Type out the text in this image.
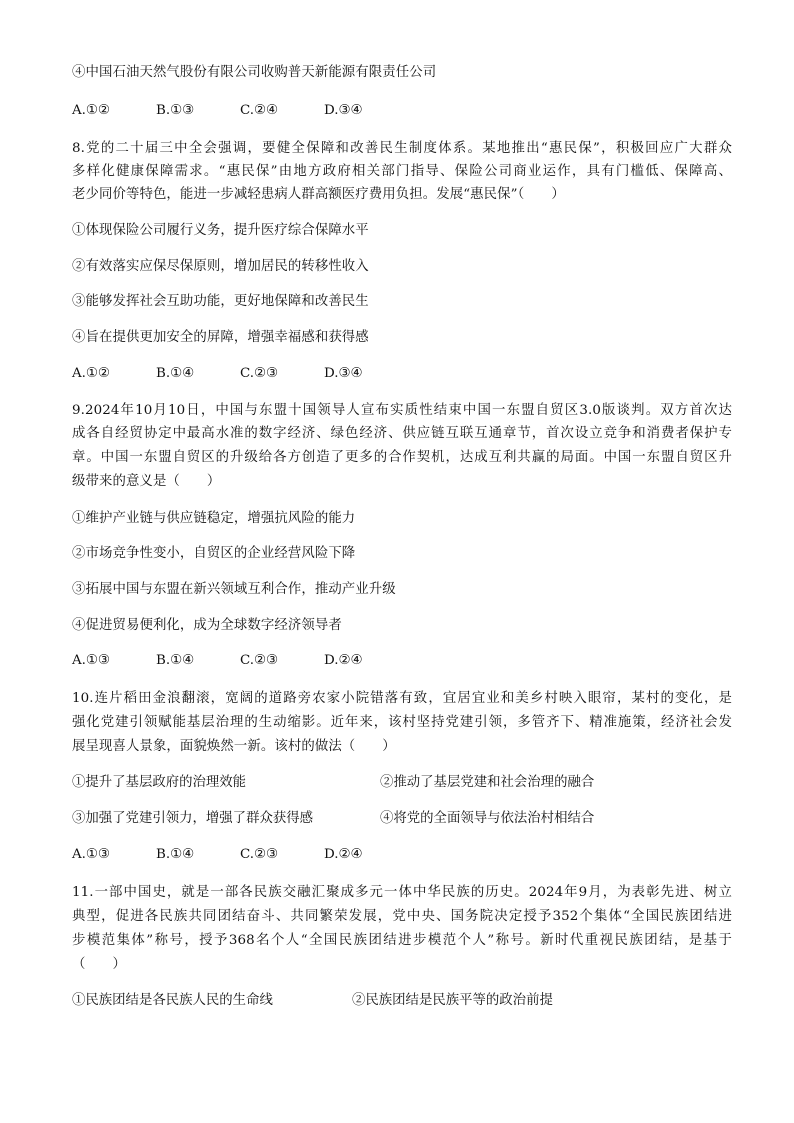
④中国石油天然气股份有限公司收购普天新能源有限责任公司
A.①②	B.①③	C.②④	D.③④
8.党的二十届三中全会强调，要健全保障和改善民生制度体系。某地推出“惠民保”，积极回应广大群众
多样化健康保障需求。“惠民保”由地方政府相关部门指导、保险公司商业运作，具有门槛低、保障高、
老少同价等特色，能进一步减轻患病人群高额医疗费用负担。发展“惠民保”（　　）
①体现保险公司履行义务，提升医疗综合保障水平
②有效落实应保尽保原则，增加居民的转移性收入
③能够发挥社会互助功能，更好地保障和改善民生
④旨在提供更加安全的屏障，增强幸福感和获得感
A.①②	B.①④	C.②③	D.③④
9.2024年10月10日，中国与东盟十国领导人宣布实质性结束中国一东盟自贸区3.0版谈判。双方首次达
成各自经贸协定中最高水准的数字经济、绿色经济、供应链互联互通章节，首次设立竞争和消费者保护专
章。中国一东盟自贸区的升级给各方创造了更多的合作契机，达成互利共赢的局面。中国一东盟自贸区升
级带来的意义是（　　）
①维护产业链与供应链稳定，增强抗风险的能力
②市场竞争性变小，自贸区的企业经营风险下降
③拓展中国与东盟在新兴领域互利合作，推动产业升级
④促进贸易便利化，成为全球数字经济领导者
A.①③	B.①④	C.②③	D.②④
10.连片稻田金浪翻滚，宽阔的道路旁农家小院错落有致，宜居宜业和美乡村映入眼帘，某村的变化，是
强化党建引领赋能基层治理的生动缩影。近年来，该村坚持党建引领，多管齐下、精准施策，经济社会发
展呈现喜人景象，面貌焕然一新。该村的做法（　　）
①提升了基层政府的治理效能	②推动了基层党建和社会治理的融合
③加强了党建引领力，增强了群众获得感	④将党的全面领导与依法治村相结合
A.①③	B.①④	C.②③	D.②④
11.一部中国史，就是一部各民族交融汇聚成多元一体中华民族的历史。2024年9月，为表彰先进、树立
典型，促进各民族共同团结奋斗、共同繁荣发展，党中央、国务院决定授予352个集体“全国民族团结进
步模范集体”称号，授予368名个人“全国民族团结进步模范个人”称号。新时代重视民族团结，是基于
（　　）
①民族团结是各民族人民的生命线	②民族团结是民族平等的政治前提
